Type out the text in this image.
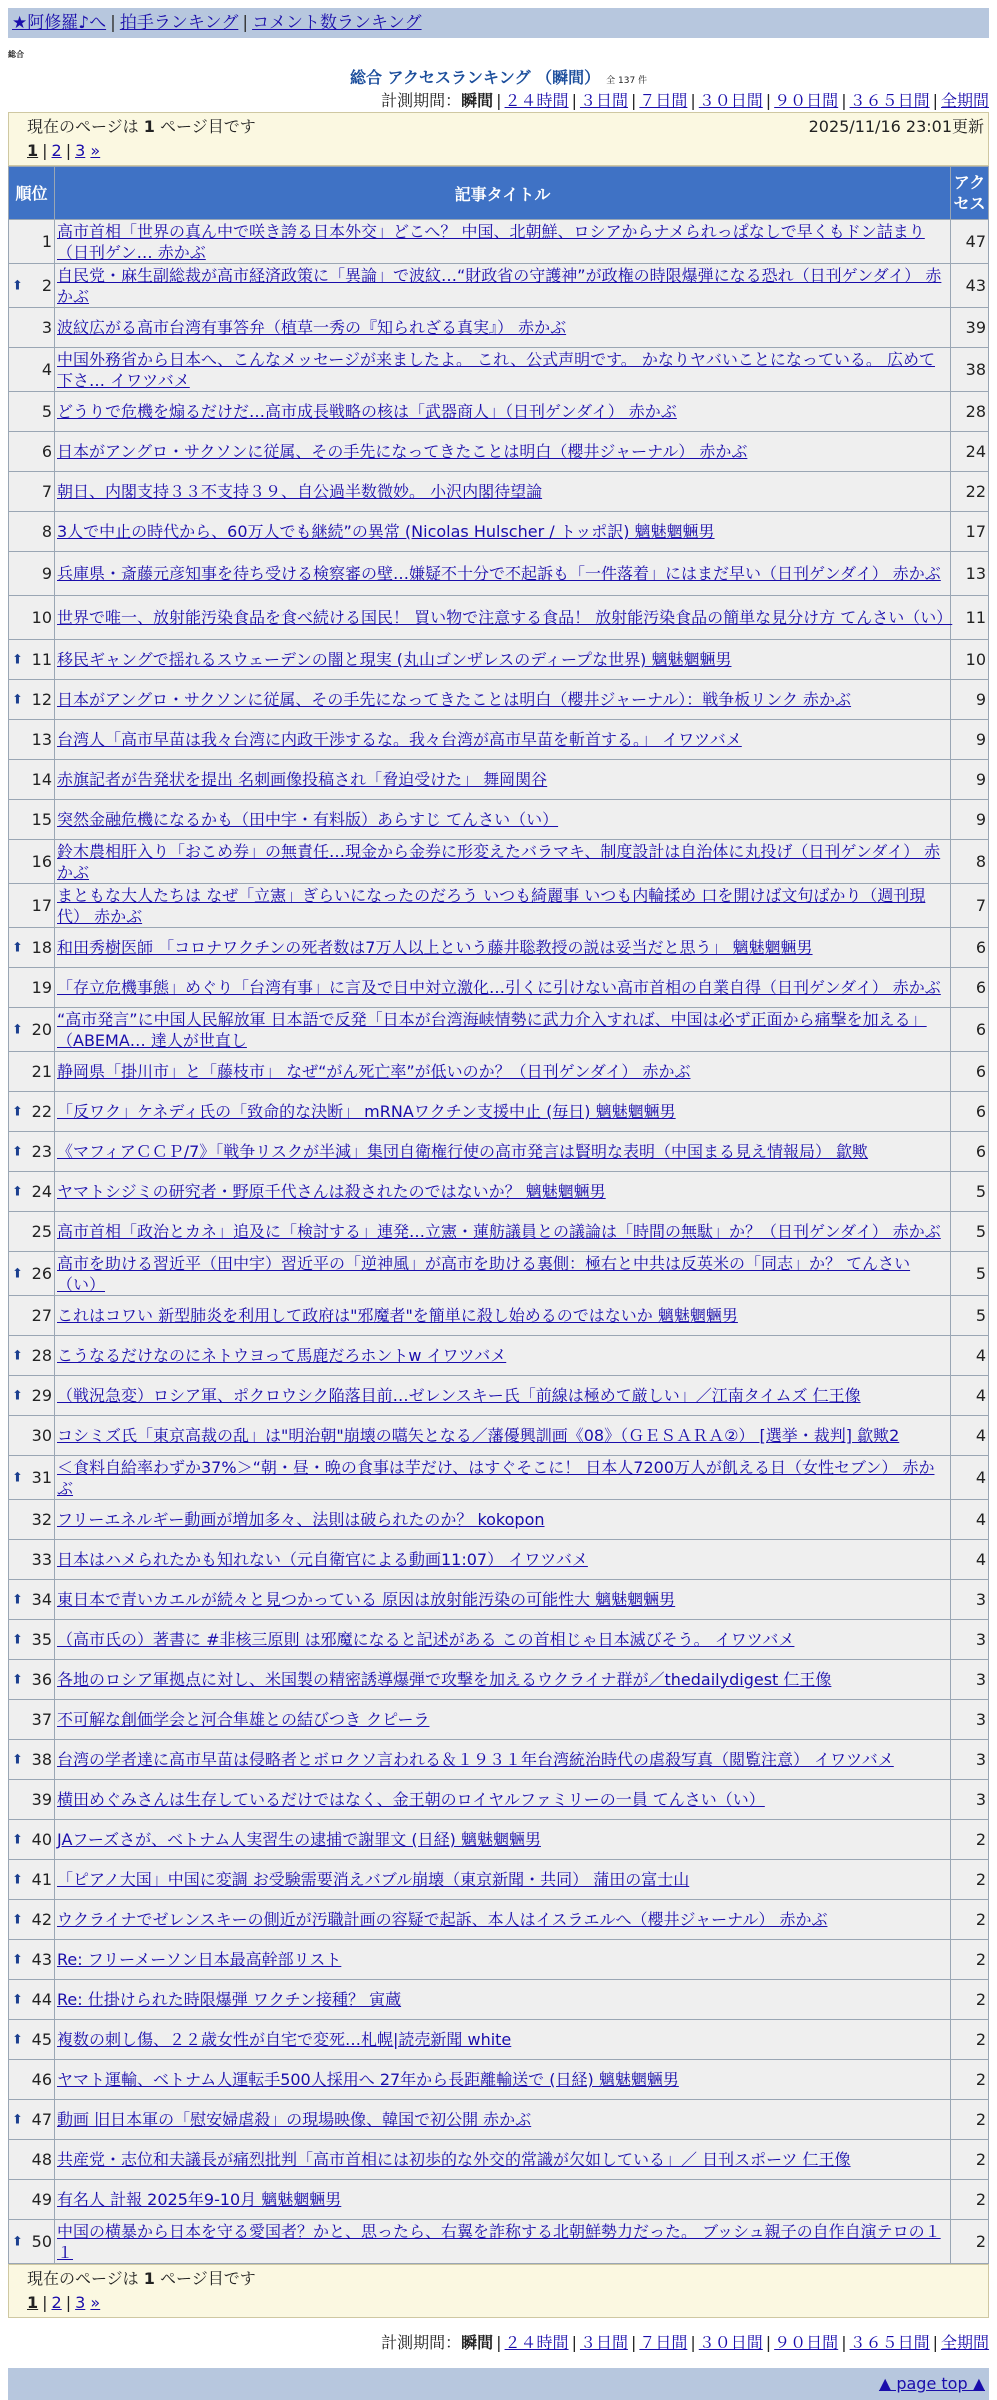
★阿修羅♪へ | 拍手ランキング | コメント数ランキング
総合
総合 アクセスランキング （瞬間） 全 137 件
計測期間：瞬間 | ２４時間 | ３日間 | ７日間 | ３０日間 | ９０日間 | ３６５日間 | 全期間
現在のページは 1 ページ目です	2025/11/16 23:01更新
1 | 2 | 3 »
順位	記事タイトル	アクセス
1	高市首相「世界の真ん中で咲き誇る日本外交」どこへ？ 中国、北朝鮮、ロシアからナメられっぱなしで早くもドン詰まり（日刊ゲン… 赤かぶ	47

⬆ 2	自民党・麻生副総裁が高市経済政策に「異論」で波紋…“財政省の守護神”が政権の時限爆弾になる恐れ（日刊ゲンダイ） 赤かぶ	43
3	波紋広がる高市台湾有事答弁（植草一秀の『知られざる真実』） 赤かぶ	39
4	中国外務省から日本へ、こんなメッセージが来ましたよ。 これ、公式声明です。 かなりヤバいことになっている。 広めて下さ… イワツバメ	38
5	どうりで危機を煽るだけだ…高市成長戦略の核は「武器商人」（日刊ゲンダイ） 赤かぶ	28
6	日本がアングロ・サクソンに従属、その手先になってきたことは明白（櫻井ジャーナル） 赤かぶ	24
7	朝日、内閣支持３３不支持３９、自公過半数微妙。 小沢内閣待望論	22
8	3人で中止の時代から、60万人でも継続”の異常 (Nicolas Hulscher / トッポ訳) 魑魅魍魎男	17
9	兵庫県・斎藤元彦知事を待ち受ける検察審の壁…嫌疑不十分で不起訴も「一件落着」にはまだ早い（日刊ゲンダイ） 赤かぶ	13
10	世界で唯一、放射能汚染食品を食べ続ける国民！ 買い物で注意する食品！ 放射能汚染食品の簡単な見分け方 てんさい（い）	11

⬆ 11	移民ギャングで揺れるスウェーデンの闇と現実 (丸山ゴンザレスのディープな世界) 魑魅魍魎男	10

⬆ 12	日本がアングロ・サクソンに従属、その手先になってきたことは明白（櫻井ジャーナル）：戦争板リンク 赤かぶ	9
13	台湾人「高市早苗は我々台湾に内政干渉するな。我々台湾が高市早苗を斬首する。」 イワツバメ	9
14	赤旗記者が告発状を提出 名刺画像投稿され「脅迫受けた」 舞岡関谷	9
15	突然金融危機になるかも（田中宇・有料版）あらすじ てんさい（い）	9
16	鈴木農相肝入り「おこめ券」の無責任…現金から金券に形変えたバラマキ、制度設計は自治体に丸投げ（日刊ゲンダイ） 赤かぶ	8
17	まともな大人たちは なぜ「立憲」ぎらいになったのだろう いつも綺麗事 いつも内輪揉め 口を開けば文句ばかり（週刊現代） 赤かぶ	7

⬆ 18	和田秀樹医師 「コロナワクチンの死者数は7万人以上という藤井聡教授の説は妥当だと思う」 魑魅魍魎男	6
19	「存立危機事態」めぐり「台湾有事」に言及で日中対立激化…引くに引けない高市首相の自業自得（日刊ゲンダイ） 赤かぶ	6

⬆ 20	“高市発言”に中国人民解放軍 日本語で反発「日本が台湾海峡情勢に武力介入すれば、中国は必ず正面から痛撃を加える」（ABEMA… 達人が世直し	6
21	静岡県「掛川市」と「藤枝市」 なぜ“がん死亡率”が低いのか？（日刊ゲンダイ） 赤かぶ	6

⬆ 22	「反ワク」ケネディ氏の「致命的な決断」 mRNAワクチン支援中止 (毎日) 魑魅魍魎男	6

⬆ 23	《マフィアＣＣＰ/7》「戦争リスクが半減」集団自衛権行使の高市発言は賢明な表明（中国まる見え情報局） 歙歟	6

⬆ 24	ヤマトシジミの研究者・野原千代さんは殺されたのではないか？ 魑魅魍魎男	5
25	高市首相「政治とカネ」追及に「検討する」連発…立憲・蓮舫議員との議論は「時間の無駄」か？（日刊ゲンダイ） 赤かぶ	5

⬆ 26	高市を助ける習近平（田中宇）習近平の「逆神風」が高市を助ける裏側：極右と中共は反英米の「同志」か？ てんさい（い）	5
27	これはコワい 新型肺炎を利用して政府は"邪魔者"を簡単に殺し始めるのではないか 魑魅魍魎男	5

⬆ 28	こうなるだけなのにネトウヨって馬鹿だろホントw イワツバメ	4

⬆ 29	（戦況急変）ロシア軍、ポクロウシク陥落目前…ゼレンスキー氏「前線は極めて厳しい」／江南タイムズ 仁王像	4
30	コシミズ氏「東京高裁の乱」は"明治朝"崩壊の嚆矢となる／藩優興訓画《08》（ＧＥＳＡＲＡ②） [選挙・裁判] 歙歟2	4

⬆ 31	＜食料自給率わずか37%＞“朝・昼・晩の食事は芋だけ、はすぐそこに！ 日本人7200万人が飢える日（女性セブン） 赤かぶ	4
32	フリーエネルギー動画が増加多々、法則は破られたのか？ kokopon	4
33	日本はハメられたかも知れない（元自衛官による動画11:07） イワツバメ	4

⬆ 34	東日本で青いカエルが続々と見つかっている 原因は放射能汚染の可能性大 魑魅魍魎男	3

⬆ 35	（高市氏の）著書に #非核三原則 は邪魔になると記述がある この首相じゃ日本滅びそう。 イワツバメ	3

⬆ 36	各地のロシア軍拠点に対し、米国製の精密誘導爆弾で攻撃を加えるウクライナ群が／thedailydigest 仁王像	3
37	不可解な創価学会と河合隼雄との結びつき クピーラ	3

⬆ 38	台湾の学者達に高市早苗は侵略者とボロクソ言われる＆１９３１年台湾統治時代の虐殺写真（閲覧注意） イワツバメ	3
39	横田めぐみさんは生存しているだけではなく、金王朝のロイヤルファミリーの一員 てんさい（い）	3

⬆ 40	JAフーズさが、ベトナム人実習生の逮捕で謝罪文 (日経) 魑魅魍魎男	2

⬆ 41	「ピアノ大国」中国に変調 お受験需要消えバブル崩壊（東京新聞・共同） 蒲田の富士山	2

⬆ 42	ウクライナでゼレンスキーの側近が汚職計画の容疑で起訴、本人はイスラエルへ（櫻井ジャーナル） 赤かぶ	2

⬆ 43	Re: フリーメーソン日本最高幹部リスト	2

⬆ 44	Re: 仕掛けられた時限爆弾 ワクチン接種？ 寅蔵	2

⬆ 45	複数の刺し傷、２２歳女性が自宅で変死…札幌|読売新聞 white	2
46	ヤマト運輸、ベトナム人運転手500人採用へ 27年から長距離輸送で (日経) 魑魅魍魎男	2

⬆ 47	動画 旧日本軍の「慰安婦虐殺」の現場映像、韓国で初公開 赤かぶ	2
48	共産党・志位和夫議長が痛烈批判「高市首相には初歩的な外交的常識が欠如している」／ 日刊スポーツ 仁王像	2
49	有名人 計報 2025年9-10月 魑魅魍魎男	2

⬆ 50	中国の横暴から日本を守る愛国者？かと、思ったら、右翼を詐称する北朝鮮勢力だった。 ブッシュ親子の自作自演テロの１１	2
現在のページは 1 ページ目です
1 | 2 | 3 »
計測期間：瞬間 | ２４時間 | ３日間 | ７日間 | ３０日間 | ９０日間 | ３６５日間 | 全期間
▲ page top ▲
